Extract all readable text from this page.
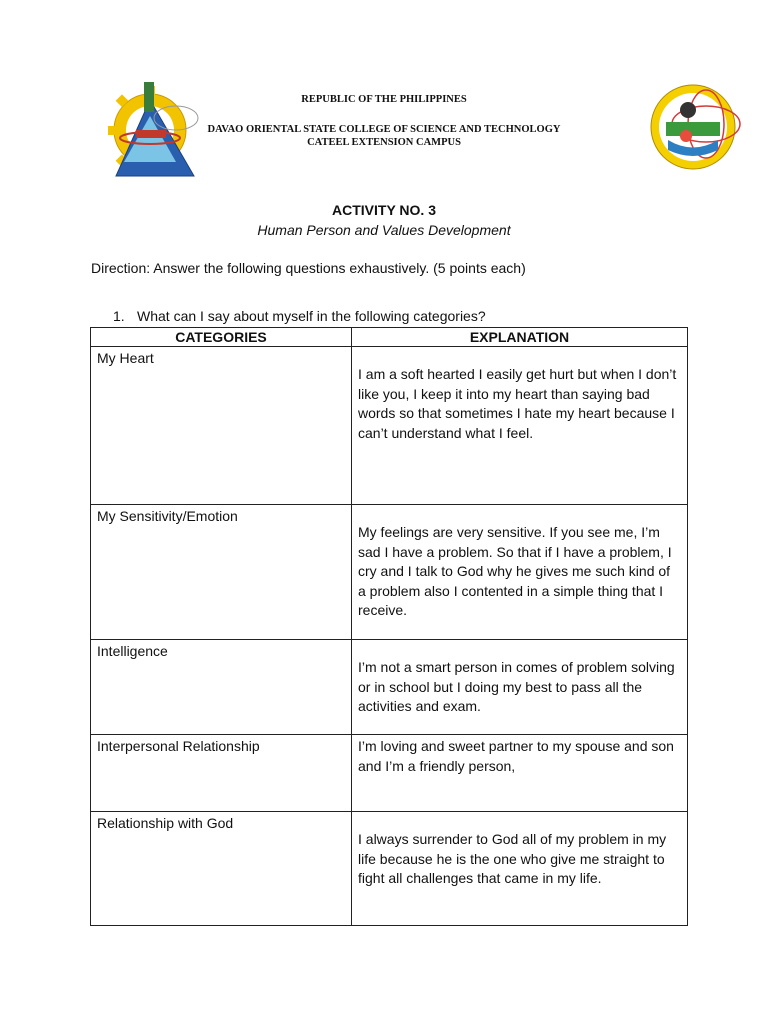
REPUBLIC OF THE PHILIPPINES
DAVAO ORIENTAL STATE COLLEGE OF SCIENCE AND TECHNOLOGY
CATEEL EXTENSION CAMPUS
ACTIVITY NO. 3
Human Person and Values Development
Direction: Answer the following questions exhaustively. (5 points each)
1. What can I say about myself in the following categories?
CATEGORIES	EXPLANATION
My Heart	I am a soft hearted I easily get hurt but when I don’t like you, I keep it into my heart than saying bad words so that sometimes I hate my heart because I can’t understand what I feel.

My Sensitivity/Emotion	My feelings are very sensitive. If you see me, I’m sad I have a problem. So that if I have a problem, I cry and I talk to God why he gives me such kind of a problem also I contented in a simple thing that I receive.

Intelligence	I’m not a smart person in comes of problem solving or in school but I doing my best to pass all the activities and exam.

Interpersonal Relationship	I’m loving and sweet partner to my spouse and son and I’m a friendly person,

Relationship with God	I always surrender to God all of my problem in my life because he is the one who give me straight to fight all challenges that came in my life.
